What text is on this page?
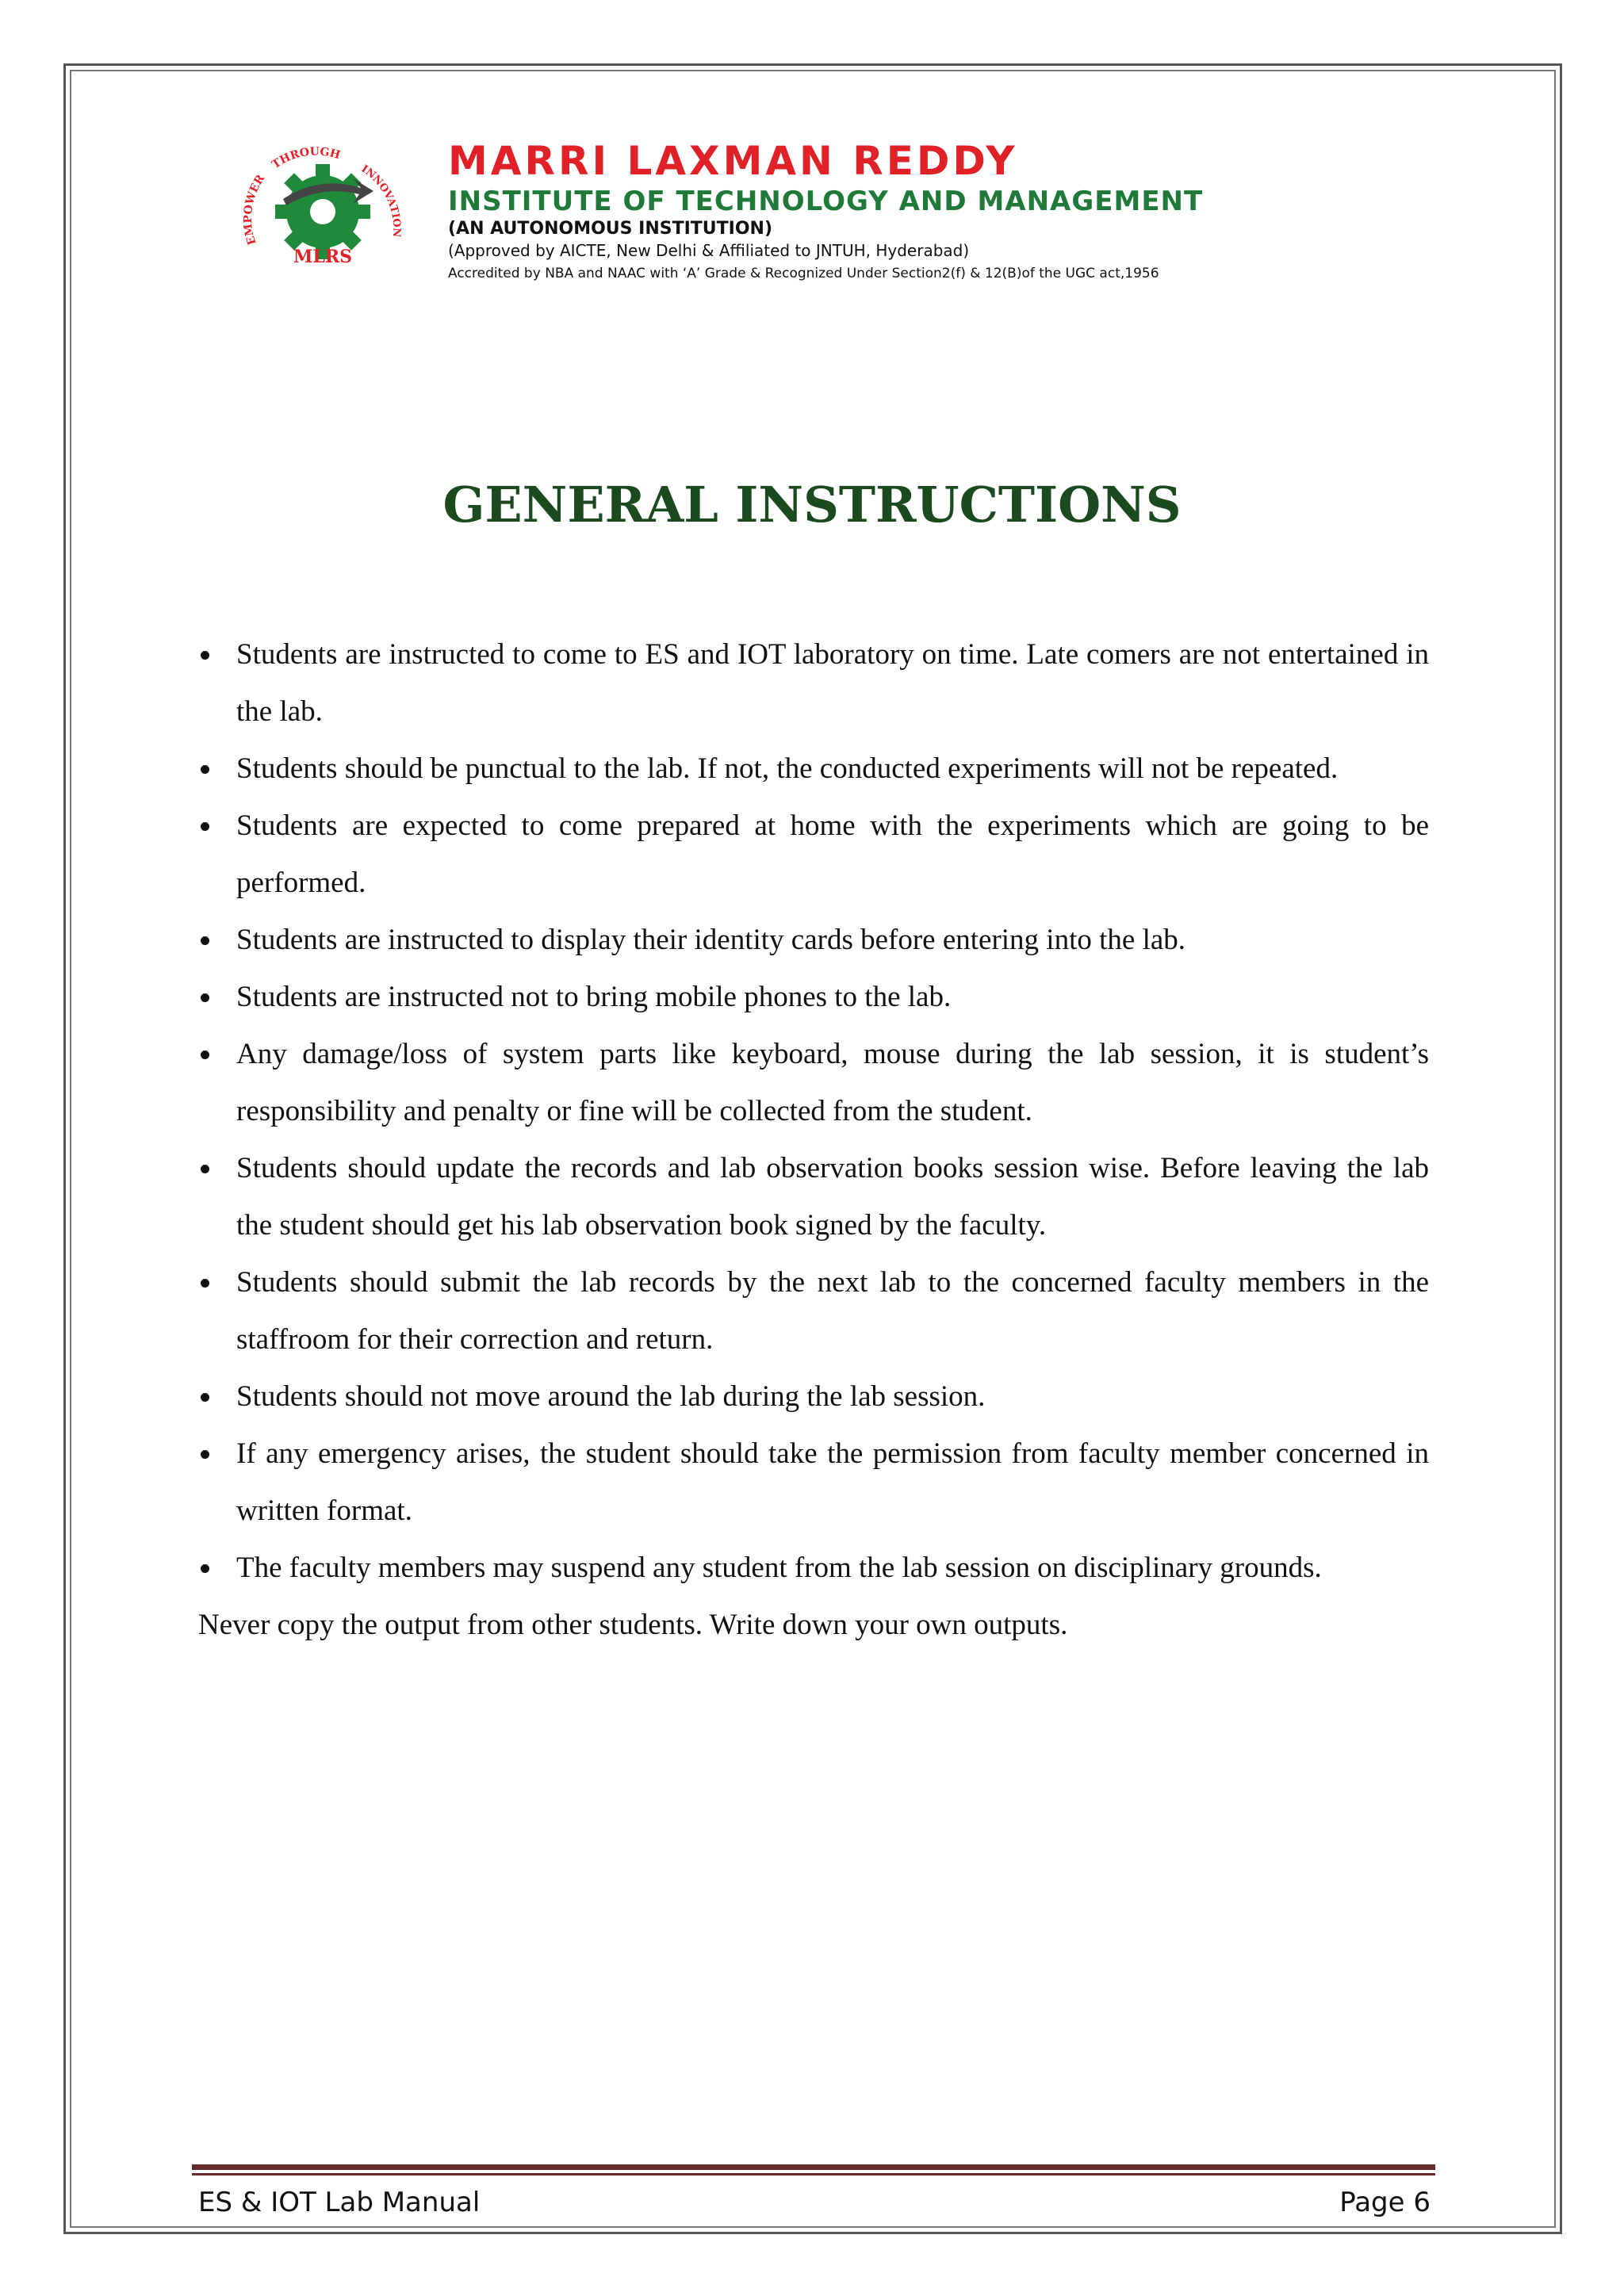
EMPOWER
THROUGH
INNOVATION
MLRS
MARRI LAXMAN REDDY
INSTITUTE OF TECHNOLOGY AND MANAGEMENT
(AN AUTONOMOUS INSTITUTION)
(Approved by AICTE, New Delhi & Affiliated to JNTUH, Hyderabad)
Accredited by NBA and NAAC with ‘A’ Grade & Recognized Under Section2(f) & 12(B)of the UGC act,1956
GENERAL INSTRUCTIONS
Students are instructed to come to ES and IOT laboratory on time. Late comers are not entertained in the lab.
Students should be punctual to the lab. If not, the conducted experiments will not be repeated.
Students are expected to come prepared at home with the experiments which are going to be performed.
Students are instructed to display their identity cards before entering into the lab.
Students are instructed not to bring mobile phones to the lab.
Any damage/loss of system parts like keyboard, mouse during the lab session, it is student’s responsibility and penalty or fine will be collected from the student.
Students should update the records and lab observation books session wise. Before leaving the lab the student should get his lab observation book signed by the faculty.
Students should submit the lab records by the next lab to the concerned faculty members in the staffroom for their correction and return.
Students should not move around the lab during the lab session.
If any emergency arises, the student should take the permission from faculty member concerned in written format.
The faculty members may suspend any student from the lab session on disciplinary grounds.

Never copy the output from other students. Write down your own outputs.

ES & IOT Lab Manual	Page 6
